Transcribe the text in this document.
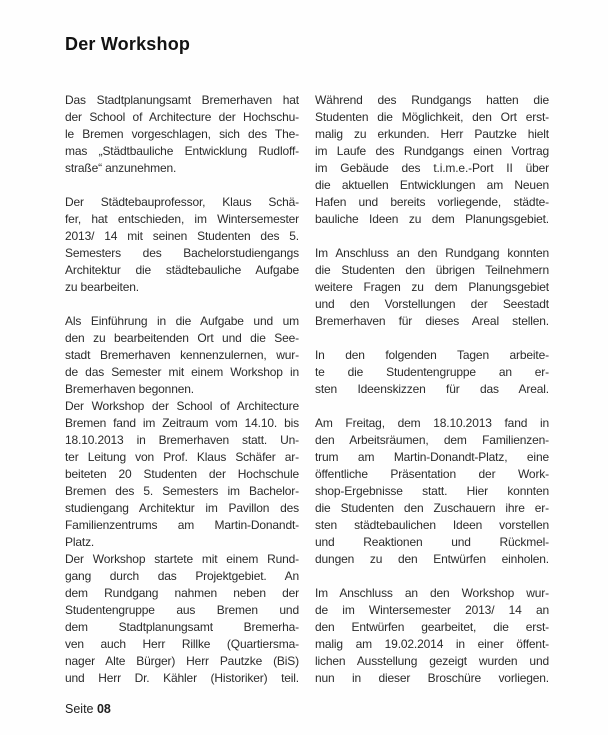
Der Workshop
Das Stadtplanungsamt Bremerhaven hat
der School of Architecture der Hochschu-
le Bremen vorgeschlagen, sich des The-
mas „Städtbauliche Entwicklung Rudloff-
straße“ anzunehmen.
Der Städtebauprofessor, Klaus Schä-
fer, hat entschieden, im Wintersemester
2013/ 14 mit seinen Studenten des 5.
Semesters des Bachelorstudiengangs
Architektur die städtebauliche Aufgabe
zu bearbeiten.
Als Einführung in die Aufgabe und um
den zu bearbeitenden Ort und die See-
stadt Bremerhaven kennenzulernen, wur-
de das Semester mit einem Workshop in
Bremerhaven begonnen.
Der Workshop der School of Architecture
Bremen fand im Zeitraum vom 14.10. bis
18.10.2013 in Bremerhaven statt. Un-
ter Leitung von Prof. Klaus Schäfer ar-
beiteten 20 Studenten der Hochschule
Bremen des 5. Semesters im Bachelor-
studiengang Architektur im Pavillon des
Familienzentrums am Martin-Donandt-
Platz.
Der Workshop startete mit einem Rund-
gang durch das Projektgebiet. An
dem Rundgang nahmen neben der
Studentengruppe aus Bremen und
dem Stadtplanungsamt Bremerha-
ven auch Herr Rillke (Quartiersma-
nager Alte Bürger) Herr Pautzke (BiS)
und Herr Dr. Kähler (Historiker) teil.
Während des Rundgangs hatten die
Studenten die Möglichkeit, den Ort erst-
malig zu erkunden. Herr Pautzke hielt
im Laufe des Rundgangs einen Vortrag
im Gebäude des t.i.m.e.-Port II über
die aktuellen Entwicklungen am Neuen
Hafen und bereits vorliegende, städte-
bauliche Ideen zu dem Planungsgebiet.
Im Anschluss an den Rundgang konnten
die Studenten den übrigen Teilnehmern
weitere Fragen zu dem Planungsgebiet
und den Vorstellungen der Seestadt
Bremerhaven für dieses Areal stellen.
In den folgenden Tagen arbeite-
te die Studentengruppe an er-
sten Ideenskizzen für das Areal.
Am Freitag, dem 18.10.2013 fand in
den Arbeitsräumen, dem Familienzen-
trum am Martin-Donandt-Platz, eine
öffentliche Präsentation der Work-
shop-Ergebnisse statt. Hier konnten
die Studenten den Zuschauern ihre er-
sten städtebaulichen Ideen vorstellen
und Reaktionen und Rückmel-
dungen zu den Entwürfen einholen.
Im Anschluss an den Workshop wur-
de im Wintersemester 2013/ 14 an
den Entwürfen gearbeitet, die erst-
malig am 19.02.2014 in einer öffent-
lichen Ausstellung gezeigt wurden und
nun in dieser Broschüre vorliegen.
Seite 08
